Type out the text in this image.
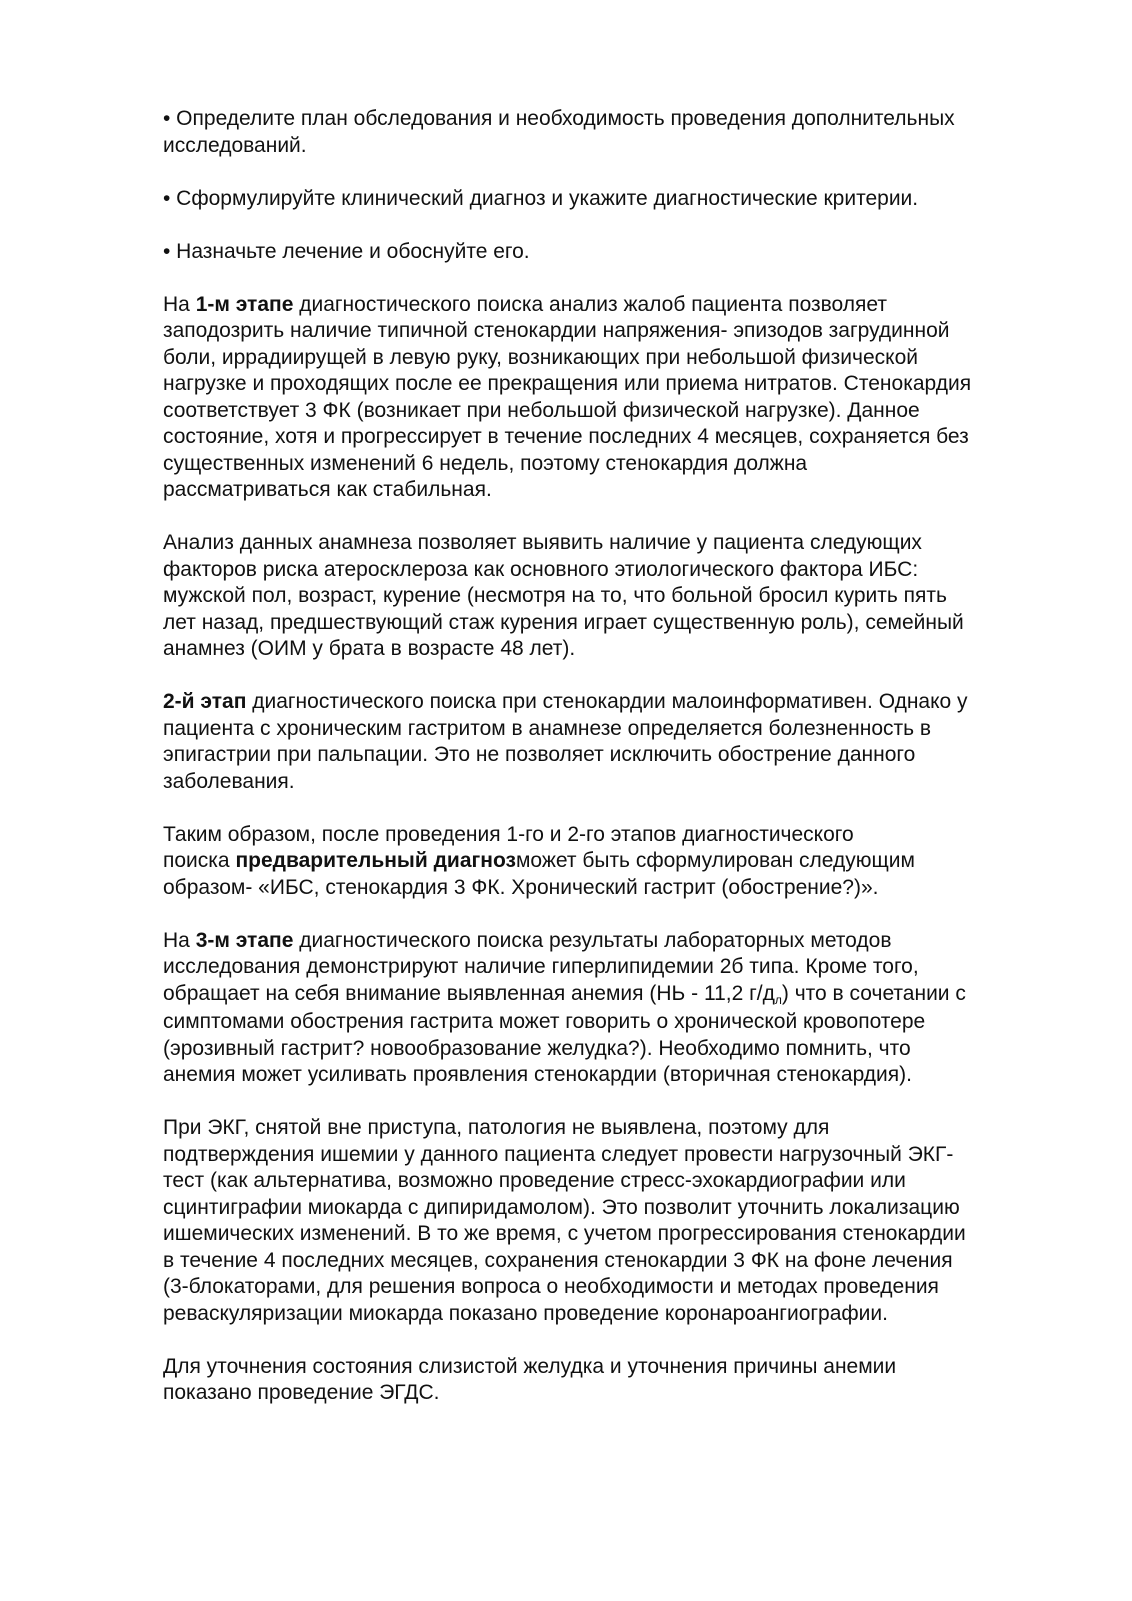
• Определите план обследования и необходимость проведения дополнительных
исследований.

• Сформулируйте клинический диагноз и укажите диагностические критерии.

• Назначьте лечение и обоснуйте его.

На 1-м этапе диагностического поиска анализ жалоб пациента позволяет
заподозрить наличие типичной стенокардии напряжения- эпизодов загрудинной
боли, иррадиирущей в левую руку, возникающих при небольшой физической
нагрузке и проходящих после ее прекращения или приема нитратов. Стенокардия
соответствует 3 ФК (возникает при небольшой физической нагрузке). Данное
состояние, хотя и прогрессирует в течение последних 4 месяцев, сохраняется без
существенных изменений 6 недель, поэтому стенокардия должна
рассматриваться как стабильная.

Анализ данных анамнеза позволяет выявить наличие у пациента следующих
факторов риска атеросклероза как основного этиологического фактора ИБС:
мужской пол, возраст, курение (несмотря на то, что больной бросил курить пять
лет назад, предшествующий стаж курения играет существенную роль), семейный
анамнез (ОИМ у брата в возрасте 48 лет).

2-й этап диагностического поиска при стенокардии малоинформативен. Однако у
пациента с хроническим гастритом в анамнезе определяется болезненность в
эпигастрии при пальпации. Это не позволяет исключить обострение данного
заболевания.

Таким образом, после проведения 1-го и 2-го этапов диагностического
поиска предварительный диагнозможет быть сформулирован следующим
образом- «ИБС, стенокардия 3 ФК. Хронический гастрит (обострение?)».

На 3-м этапе диагностического поиска результаты лабораторных методов
исследования демонстрируют наличие гиперлипидемии 2б типа. Кроме того,
обращает на себя внимание выявленная анемия (НЬ - 11,2 г/дл) что в сочетании с
симптомами обострения гастрита может говорить о хронической кровопотере
(эрозивный гастрит? новообразование желудка?). Необходимо помнить, что
анемия может усиливать проявления стенокардии (вторичная стенокардия).

При ЭКГ, снятой вне приступа, патология не выявлена, поэтому для
подтверждения ишемии у данного пациента следует провести нагрузочный ЭКГ-
тест (как альтернатива, возможно проведение стресс-эхокардиографии или
сцинтиграфии миокарда с дипиридамолом). Это позволит уточнить локализацию
ишемических изменений. В то же время, с учетом прогрессирования стенокардии
в течение 4 последних месяцев, сохранения стенокардии 3 ФК на фоне лечения
(3-блокаторами, для решения вопроса о необходимости и методах проведения
реваскуляризации миокарда показано проведение коронароангиографии.

Для уточнения состояния слизистой желудка и уточнения причины анемии
показано проведение ЭГДС.
